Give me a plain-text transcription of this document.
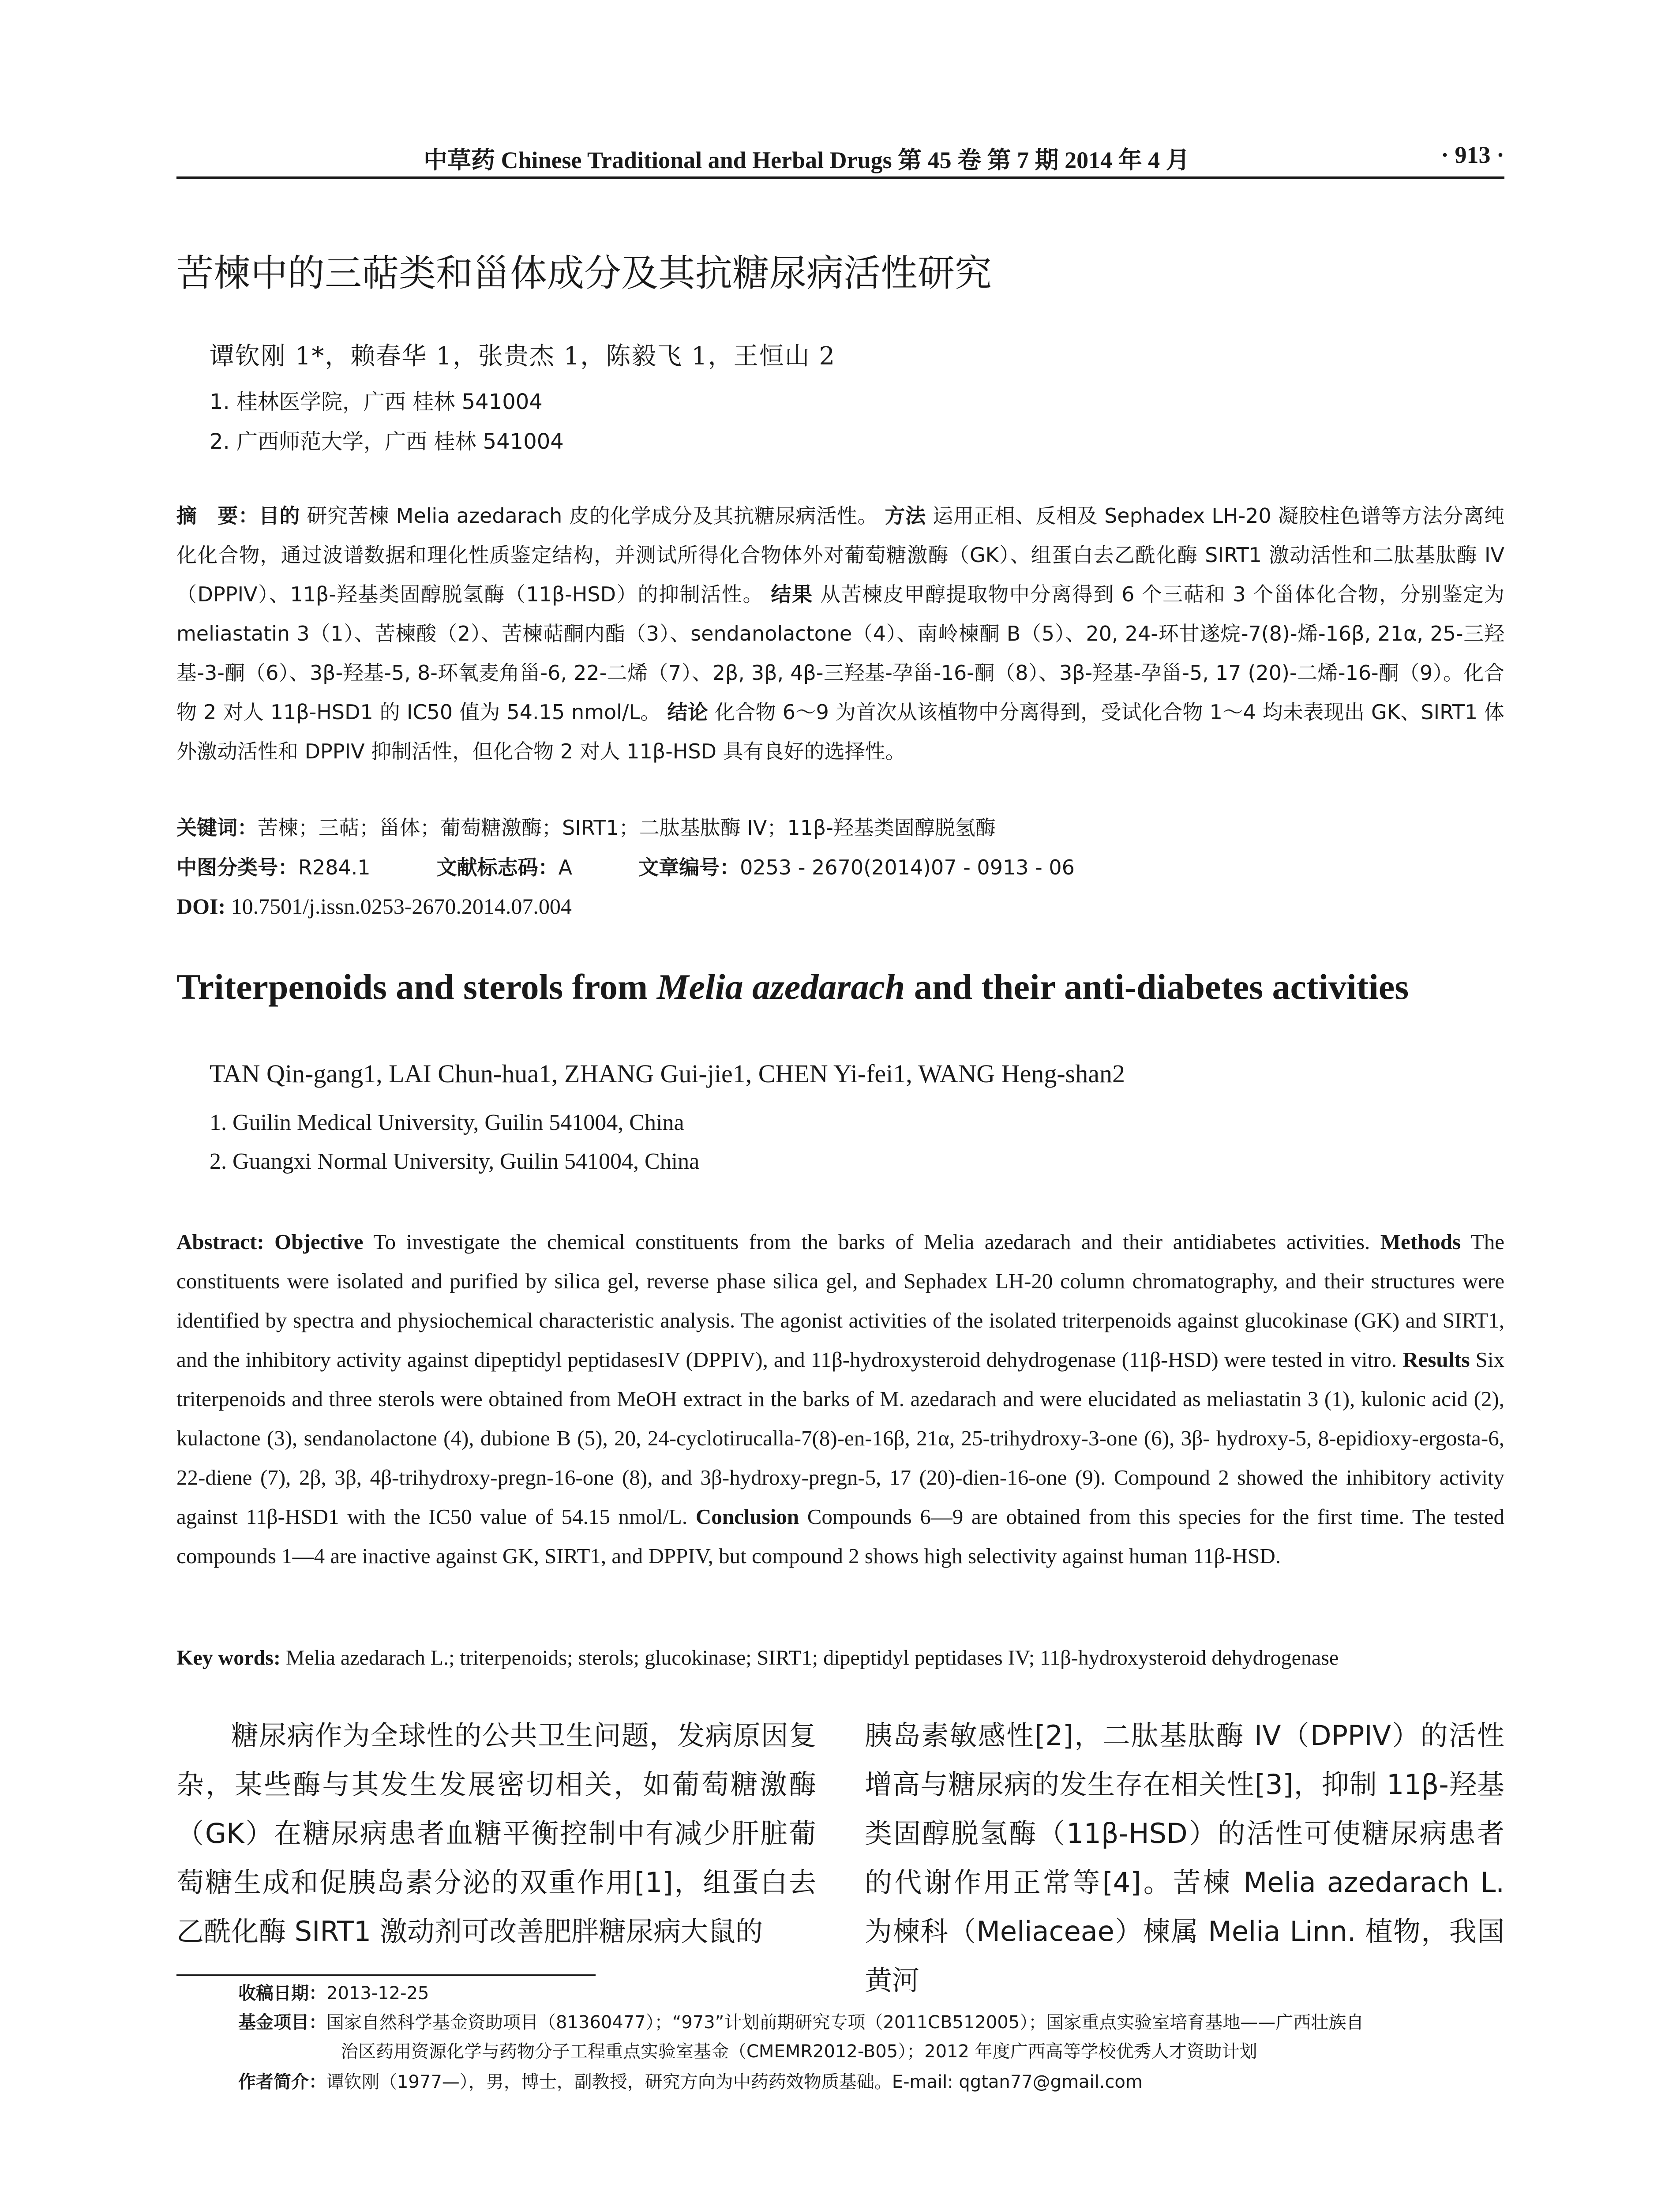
中草药 Chinese Traditional and Herbal Drugs 第 45 卷 第 7 期 2014 年 4 月	· 913 ·
苦楝中的三萜类和甾体成分及其抗糖尿病活性研究
谭钦刚 1*，赖春华 1，张贵杰 1，陈毅飞 1，王恒山 2
1. 桂林医学院，广西 桂林 541004
2. 广西师范大学，广西 桂林 541004
摘　要：目的 研究苦楝 Melia azedarach 皮的化学成分及其抗糖尿病活性。 方法 运用正相、反相及 Sephadex LH-20 凝胶柱色谱等方法分离纯化化合物，通过波谱数据和理化性质鉴定结构，并测试所得化合物体外对葡萄糖激酶（GK）、组蛋白去乙酰化酶 SIRT1 激动活性和二肽基肽酶 IV（DPPIV）、11β-羟基类固醇脱氢酶（11β-HSD）的抑制活性。 结果 从苦楝皮甲醇提取物中分离得到 6 个三萜和 3 个甾体化合物，分别鉴定为 meliastatin 3（1）、苦楝酸（2）、苦楝萜酮内酯（3）、sendanolactone（4）、南岭楝酮 B（5）、20, 24-环甘遂烷-7(8)-烯-16β, 21α, 25-三羟基-3-酮（6）、3β-羟基-5, 8-环氧麦角甾-6, 22-二烯（7）、2β, 3β, 4β-三羟基-孕甾-16-酮（8）、3β-羟基-孕甾-5, 17 (20)-二烯-16-酮（9）。化合物 2 对人 11β-HSD1 的 IC50 值为 54.15 nmol/L。 结论 化合物 6～9 为首次从该植物中分离得到，受试化合物 1～4 均未表现出 GK、SIRT1 体外激动活性和 DPPIV 抑制活性，但化合物 2 对人 11β-HSD 具有良好的选择性。
关键词：苦楝；三萜；甾体；葡萄糖激酶；SIRT1；二肽基肽酶 IV；11β-羟基类固醇脱氢酶
中图分类号：R284.1	文献标志码：A	文章编号：0253 - 2670(2014)07 - 0913 - 06
DOI: 10.7501/j.issn.0253-2670.2014.07.004
Triterpenoids and sterols from Melia azedarach and their anti-diabetes activities
TAN Qin-gang1, LAI Chun-hua1, ZHANG Gui-jie1, CHEN Yi-fei1, WANG Heng-shan2
1. Guilin Medical University, Guilin 541004, China
2. Guangxi Normal University, Guilin 541004, China
Abstract: Objective To investigate the chemical constituents from the barks of Melia azedarach and their antidiabetes activities. Methods The constituents were isolated and purified by silica gel, reverse phase silica gel, and Sephadex LH-20 column chromatography, and their structures were identified by spectra and physiochemical characteristic analysis. The agonist activities of the isolated triterpenoids against glucokinase (GK) and SIRT1, and the inhibitory activity against dipeptidyl peptidasesIV (DPPIV), and 11β-hydroxysteroid dehydrogenase (11β-HSD) were tested in vitro. Results Six triterpenoids and three sterols were obtained from MeOH extract in the barks of M. azedarach and were elucidated as meliastatin 3 (1), kulonic acid (2), kulactone (3), sendanolactone (4), dubione B (5), 20, 24-cyclotirucalla-7(8)-en-16β, 21α, 25-trihydroxy-3-one (6), 3β- hydroxy-5, 8-epidioxy-ergosta-6, 22-diene (7), 2β, 3β, 4β-trihydroxy-pregn-16-one (8), and 3β-hydroxy-pregn-5, 17 (20)-dien-16-one (9). Compound 2 showed the inhibitory activity against 11β-HSD1 with the IC50 value of 54.15 nmol/L. Conclusion Compounds 6—9 are obtained from this species for the first time. The tested compounds 1—4 are inactive against GK, SIRT1, and DPPIV, but compound 2 shows high selectivity against human 11β-HSD.
Key words: Melia azedarach L.; triterpenoids; sterols; glucokinase; SIRT1; dipeptidyl peptidases IV; 11β-hydroxysteroid dehydrogenase
糖尿病作为全球性的公共卫生问题，发病原因复杂，某些酶与其发生发展密切相关，如葡萄糖激酶（GK）在糖尿病患者血糖平衡控制中有减少肝脏葡萄糖生成和促胰岛素分泌的双重作用[1]，组蛋白去乙酰化酶 SIRT1 激动剂可改善肥胖糖尿病大鼠的
胰岛素敏感性[2]，二肽基肽酶 IV（DPPIV）的活性增高与糖尿病的发生存在相关性[3]，抑制 11β-羟基类固醇脱氢酶（11β-HSD）的活性可使糖尿病患者的代谢作用正常等[4]。苦楝 Melia azedarach L. 为楝科（Meliaceae）楝属 Melia Linn. 植物，我国黄河
收稿日期：2013-12-25
基金项目：国家自然科学基金资助项目（81360477）；“973”计划前期研究专项（2011CB512005）；国家重点实验室培育基地——广西壮族自
治区药用资源化学与药物分子工程重点实验室基金（CMEMR2012-B05）；2012 年度广西高等学校优秀人才资助计划
作者简介：谭钦刚（1977—），男，博士，副教授，研究方向为中药药效物质基础。E-mail: qgtan77@gmail.com
